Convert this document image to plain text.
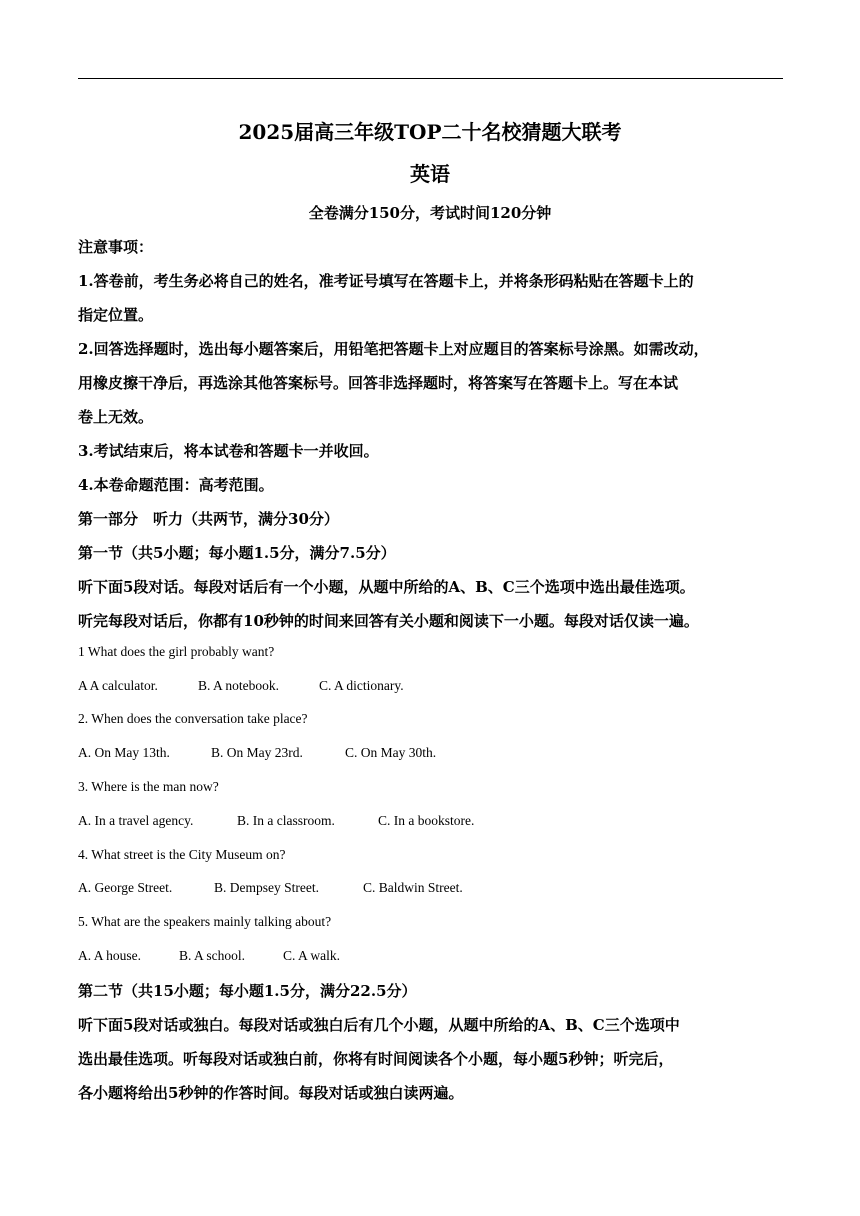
2025届高三年级TOP二十名校猜题大联考
英语
全卷满分150分，考试时间120分钟
注意事项：
1.答卷前，考生务必将自己的姓名，准考证号填写在答题卡上，并将条形码粘贴在答题卡上的
指定位置。
2.回答选择题时，选出每小题答案后，用铅笔把答题卡上对应题目的答案标号涂黑。如需改动，
用橡皮擦干净后，再选涂其他答案标号。回答非选择题时，将答案写在答题卡上。写在本试
卷上无效。
3.考试结束后，将本试卷和答题卡一并收回。
4.本卷命题范围：高考范围。
第一部分　听力（共两节，满分30分）
第一节（共5小题；每小题1.5分，满分7.5分）
听下面5段对话。每段对话后有一个小题，从题中所给的A、B、C三个选项中选出最佳选项。
听完每段对话后，你都有10秒钟的时间来回答有关小题和阅读下一小题。每段对话仅读一遍。
1 What does the girl probably want?
A A calculator.	B. A notebook.	C. A dictionary.
2. When does the conversation take place?
A. On May 13th.	B. On May 23rd.	C. On May 30th.
3. Where is the man now?
A. In a travel agency.	B. In a classroom.	C. In a bookstore.
4. What street is the City Museum on?
A. George Street.	B. Dempsey Street.	C. Baldwin Street.
5. What are the speakers mainly talking about?
A. A house.	B. A school.	C. A walk.
第二节（共15小题；每小题1.5分，满分22.5分）
听下面5段对话或独白。每段对话或独白后有几个小题，从题中所给的A、B、C三个选项中
选出最佳选项。听每段对话或独白前，你将有时间阅读各个小题，每小题5秒钟；听完后，
各小题将给出5秒钟的作答时间。每段对话或独白读两遍。
